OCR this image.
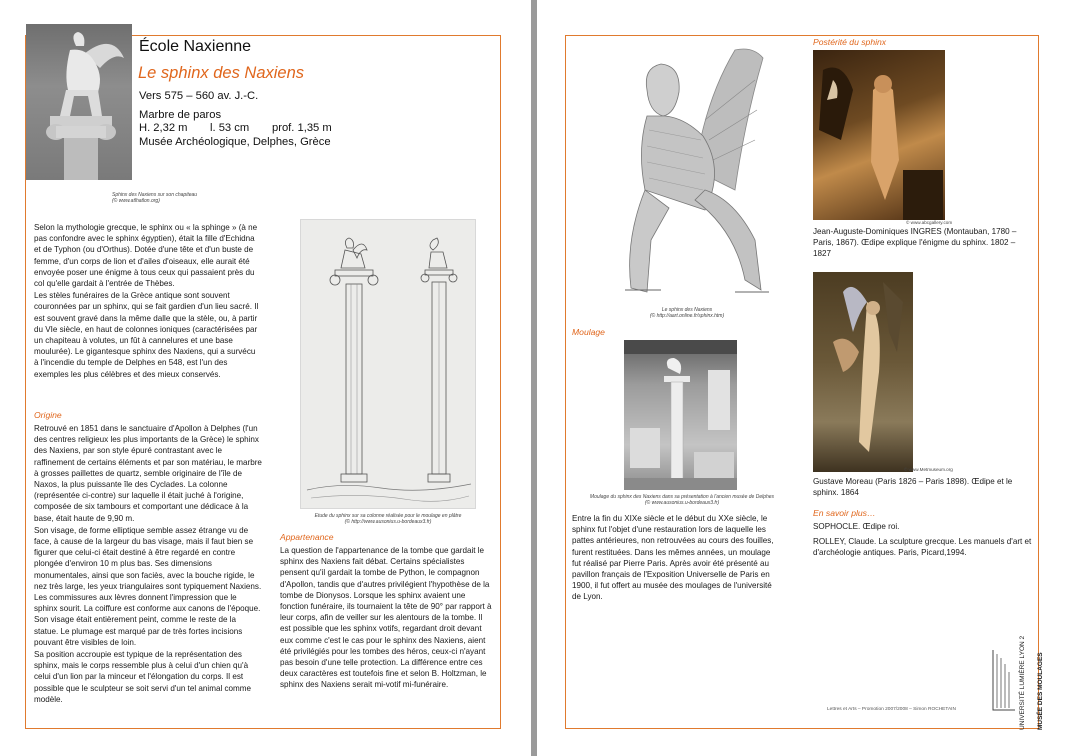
École Naxienne
Le sphinx des Naxiens
Vers 575 – 560 av. J.-C.
Marbre de paros
H. 2,32 m l. 53 cm prof. 1,35 m
Musée Archéologique, Delphes, Grèce
Sphinx des Naxiens sur son chapiteau
(© www.atlhatlon.org)
Etude du sphinx sur sa colonne réalisée pour le moulage en plâtre
(© http://www.ausonius.u-bordeaux3.fr)

Selon la mythologie grecque, le sphinx ou « la sphinge » (à ne pas confondre avec le sphinx égyptien), était la fille d'Echidna et de Typhon (ou d'Orthus). Dotée d'une tête et d'un buste de femme, d'un corps de lion et d'ailes d'oiseaux, elle aurait été envoyée poser une énigme à tous ceux qui passaient près du col qu'elle gardait à l'entrée de Thèbes.

Les stèles funéraires de la Grèce antique sont souvent couronnées par un sphinx, qui se fait gardien d'un lieu sacré. Il est souvent gravé dans la même dalle que la stèle, ou, à partir du VIe siècle, en haut de colonnes ioniques (caractérisées par un chapiteau à volutes, un fût à cannelures et une base moulurée). Le gigantesque sphinx des Naxiens, qui a survécu à l'incendie du temple de Delphes en 548, est l'un des exemples les plus célèbres et des mieux conservés.

Origine

Retrouvé en 1851 dans le sanctuaire d'Apollon à Delphes (l'un des centres religieux les plus importants de la Grèce) le sphinx des Naxiens, par son style épuré contrastant avec le raffinement de certains éléments et par son matériau, le marbre à grosses paillettes de quartz, semble originaire de l'île de Naxos, la plus puissante île des Cyclades. La colonne (représentée ci-contre) sur laquelle il était juché à l'origine, composée de six tambours et comportant une dédicace à la base, était haute de 9,90 m.

Son visage, de forme elliptique semble assez étrange vu de face, à cause de la largeur du bas visage, mais il faut bien se figurer que celui-ci était destiné à être regardé en contre plongée d'environ 10 m plus bas. Ses dimensions monumentales, ainsi que son faciès, avec la bouche rigide, le nez très large, les yeux triangulaires sont typiquement Naxiens. Les commissures aux lèvres donnent l'impression que le sphinx sourit. La coiffure est conforme aux canons de l'époque. Son visage était entièrement peint, comme le reste de la statue. Le plumage est marqué par de très fortes incisions pouvant être visibles de loin.

Sa position accroupie est typique de la représentation des sphinx, mais le corps ressemble plus à celui d'un chien qu'à celui d'un lion par la minceur et l'élongation du corps. Il est possible que le sculpteur se soit servi d'un tel animal comme modèle.

Appartenance

La question de l'appartenance de la tombe que gardait le sphinx des Naxiens fait débat. Certains spécialistes pensent qu'il gardait la tombe de Python, le compagnon d'Apollon, tandis que d'autres privilégient l'hypothèse de la tombe de Dionysos. Lorsque les sphinx avaient une fonction funéraire, ils tournaient la tête de 90° par rapport à leur corps, afin de veiller sur les alentours de la tombe. Il est possible que les sphinx votifs, regardant droit devant eux comme c'est le cas pour le sphinx des Naxiens, aient été privilégiés pour les tombes des héros, ceux-ci n'ayant pas besoin d'une telle protection. La différence entre ces deux caractères est toutefois fine et selon B. Holtzman, le sphinx des Naxiens serait mi-votif mi-funéraire.

Le sphinx des Naxiens
(© http://aart.online.fr/sphinx.htm)
Moulage
Moulage du sphinx des Naxiens dans sa présentation à l'ancien musée de Delphes
(© www.ausonius.u-bordeaux3.fr)

Entre la fin du XIXe siècle et le début du XXe siècle, le sphinx fut l'objet d'une restauration lors de laquelle les pattes antérieures, non retrouvées au cours des fouilles, furent restituées. Dans les mêmes années, un moulage fut réalisé par Pierre Paris. Après avoir été présenté au pavillon français de l'Exposition Universelle de Paris en 1900, il fut offert au musée des moulages de l'université de Lyon.

Postérité du sphinx
© www.abcgallery.com
Jean-Auguste-Dominiques INGRES (Montauban, 1780 – Paris, 1867). Œdipe explique l'énigme du sphinx. 1802 – 1827
© www.Metmuseum.org
Gustave Moreau (Paris 1826 – Paris 1898). Œdipe et le sphinx. 1864
En savoir plus…

SOPHOCLE. Œdipe roi.

ROLLEY, Claude. La sculpture grecque. Les manuels d'art et d'archéologie antiques. Paris, Picard,1994.

Lettres et Arts – Promotion 2007/2008 – Simon ROCHETAIN	UNIVERSITÉ LUMIÈRE LYON 2 MUSÉE DES MOULAGES
